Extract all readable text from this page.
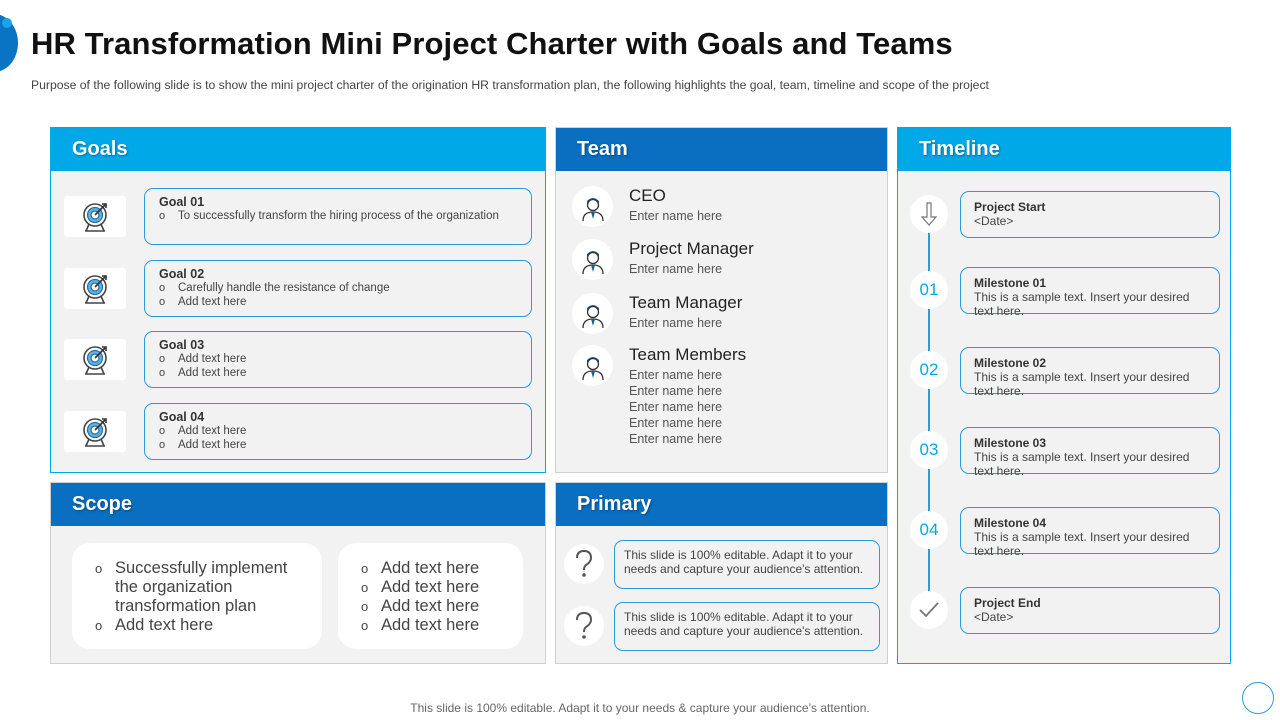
HR Transformation Mini Project Charter with Goals and Teams

Purpose of the following slide is to show the mini project charter of the origination HR transformation plan, the following highlights the goal, team, timeline and scope of the project

Goals
Goal 01
o To successfully transform the hiring process of the organization
Goal 02
o Carefully handle the resistance of change
o Add text here
Goal 03
o Add text here
o Add text here
Goal 04
o Add text here
o Add text here
Team
CEO
Enter name here
Project Manager
Enter name here
Team Manager
Enter name here
Team Members
Enter name here
Enter name here
Enter name here
Enter name here
Enter name here
Timeline
Project Start
<Date>
01	Milestone 01
This is a sample text. Insert your desired text here.
02	Milestone 02
This is a sample text. Insert your desired text here.
03	Milestone 03
This is a sample text. Insert your desired text here.
04	Milestone 04
This is a sample text. Insert your desired text here.
Project End
<Date>
Scope
o Successfully implement the organization transformation plan
o Add text here
o Add text here
o Add text here
o Add text here
o Add text here
Primary
This slide is 100% editable. Adapt it to your needs and capture your audience's attention.
This slide is 100% editable. Adapt it to your needs and capture your audience's attention.

This slide is 100% editable. Adapt it to your needs & capture your audience’s attention.
